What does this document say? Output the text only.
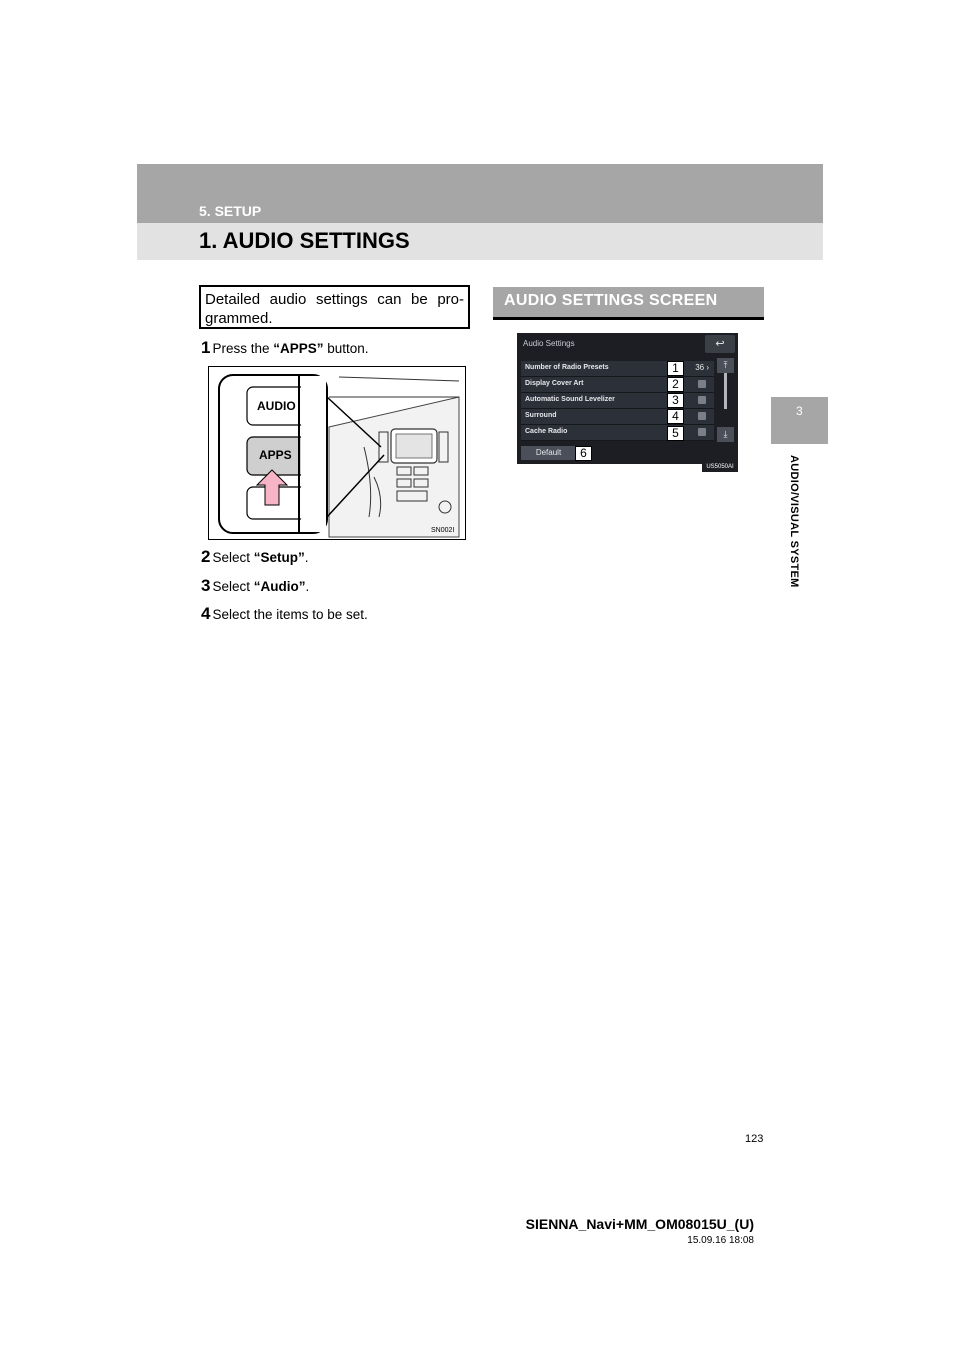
5. SETUP
1. AUDIO SETTINGS
3
AUDIO/VISUAL SYSTEM
Detailed audio settings can be pro-grammed.
1 Press the “APPS” button.
AUDIO
APPS
SN002I
2 Select “Setup”.
3 Select “Audio”.
4 Select the items to be set.
AUDIO SETTINGS SCREEN
Audio Settings	↩
Number of Radio Presets	36 ›
Display Cover Art
Automatic Sound Levelizer
Surround
Cache Radio
1
2
3
4
5
⤒
⤓
Default	6
US5050AI
123
SIENNA_Navi+MM_OM08015U_(U)
15.09.16 18:08
